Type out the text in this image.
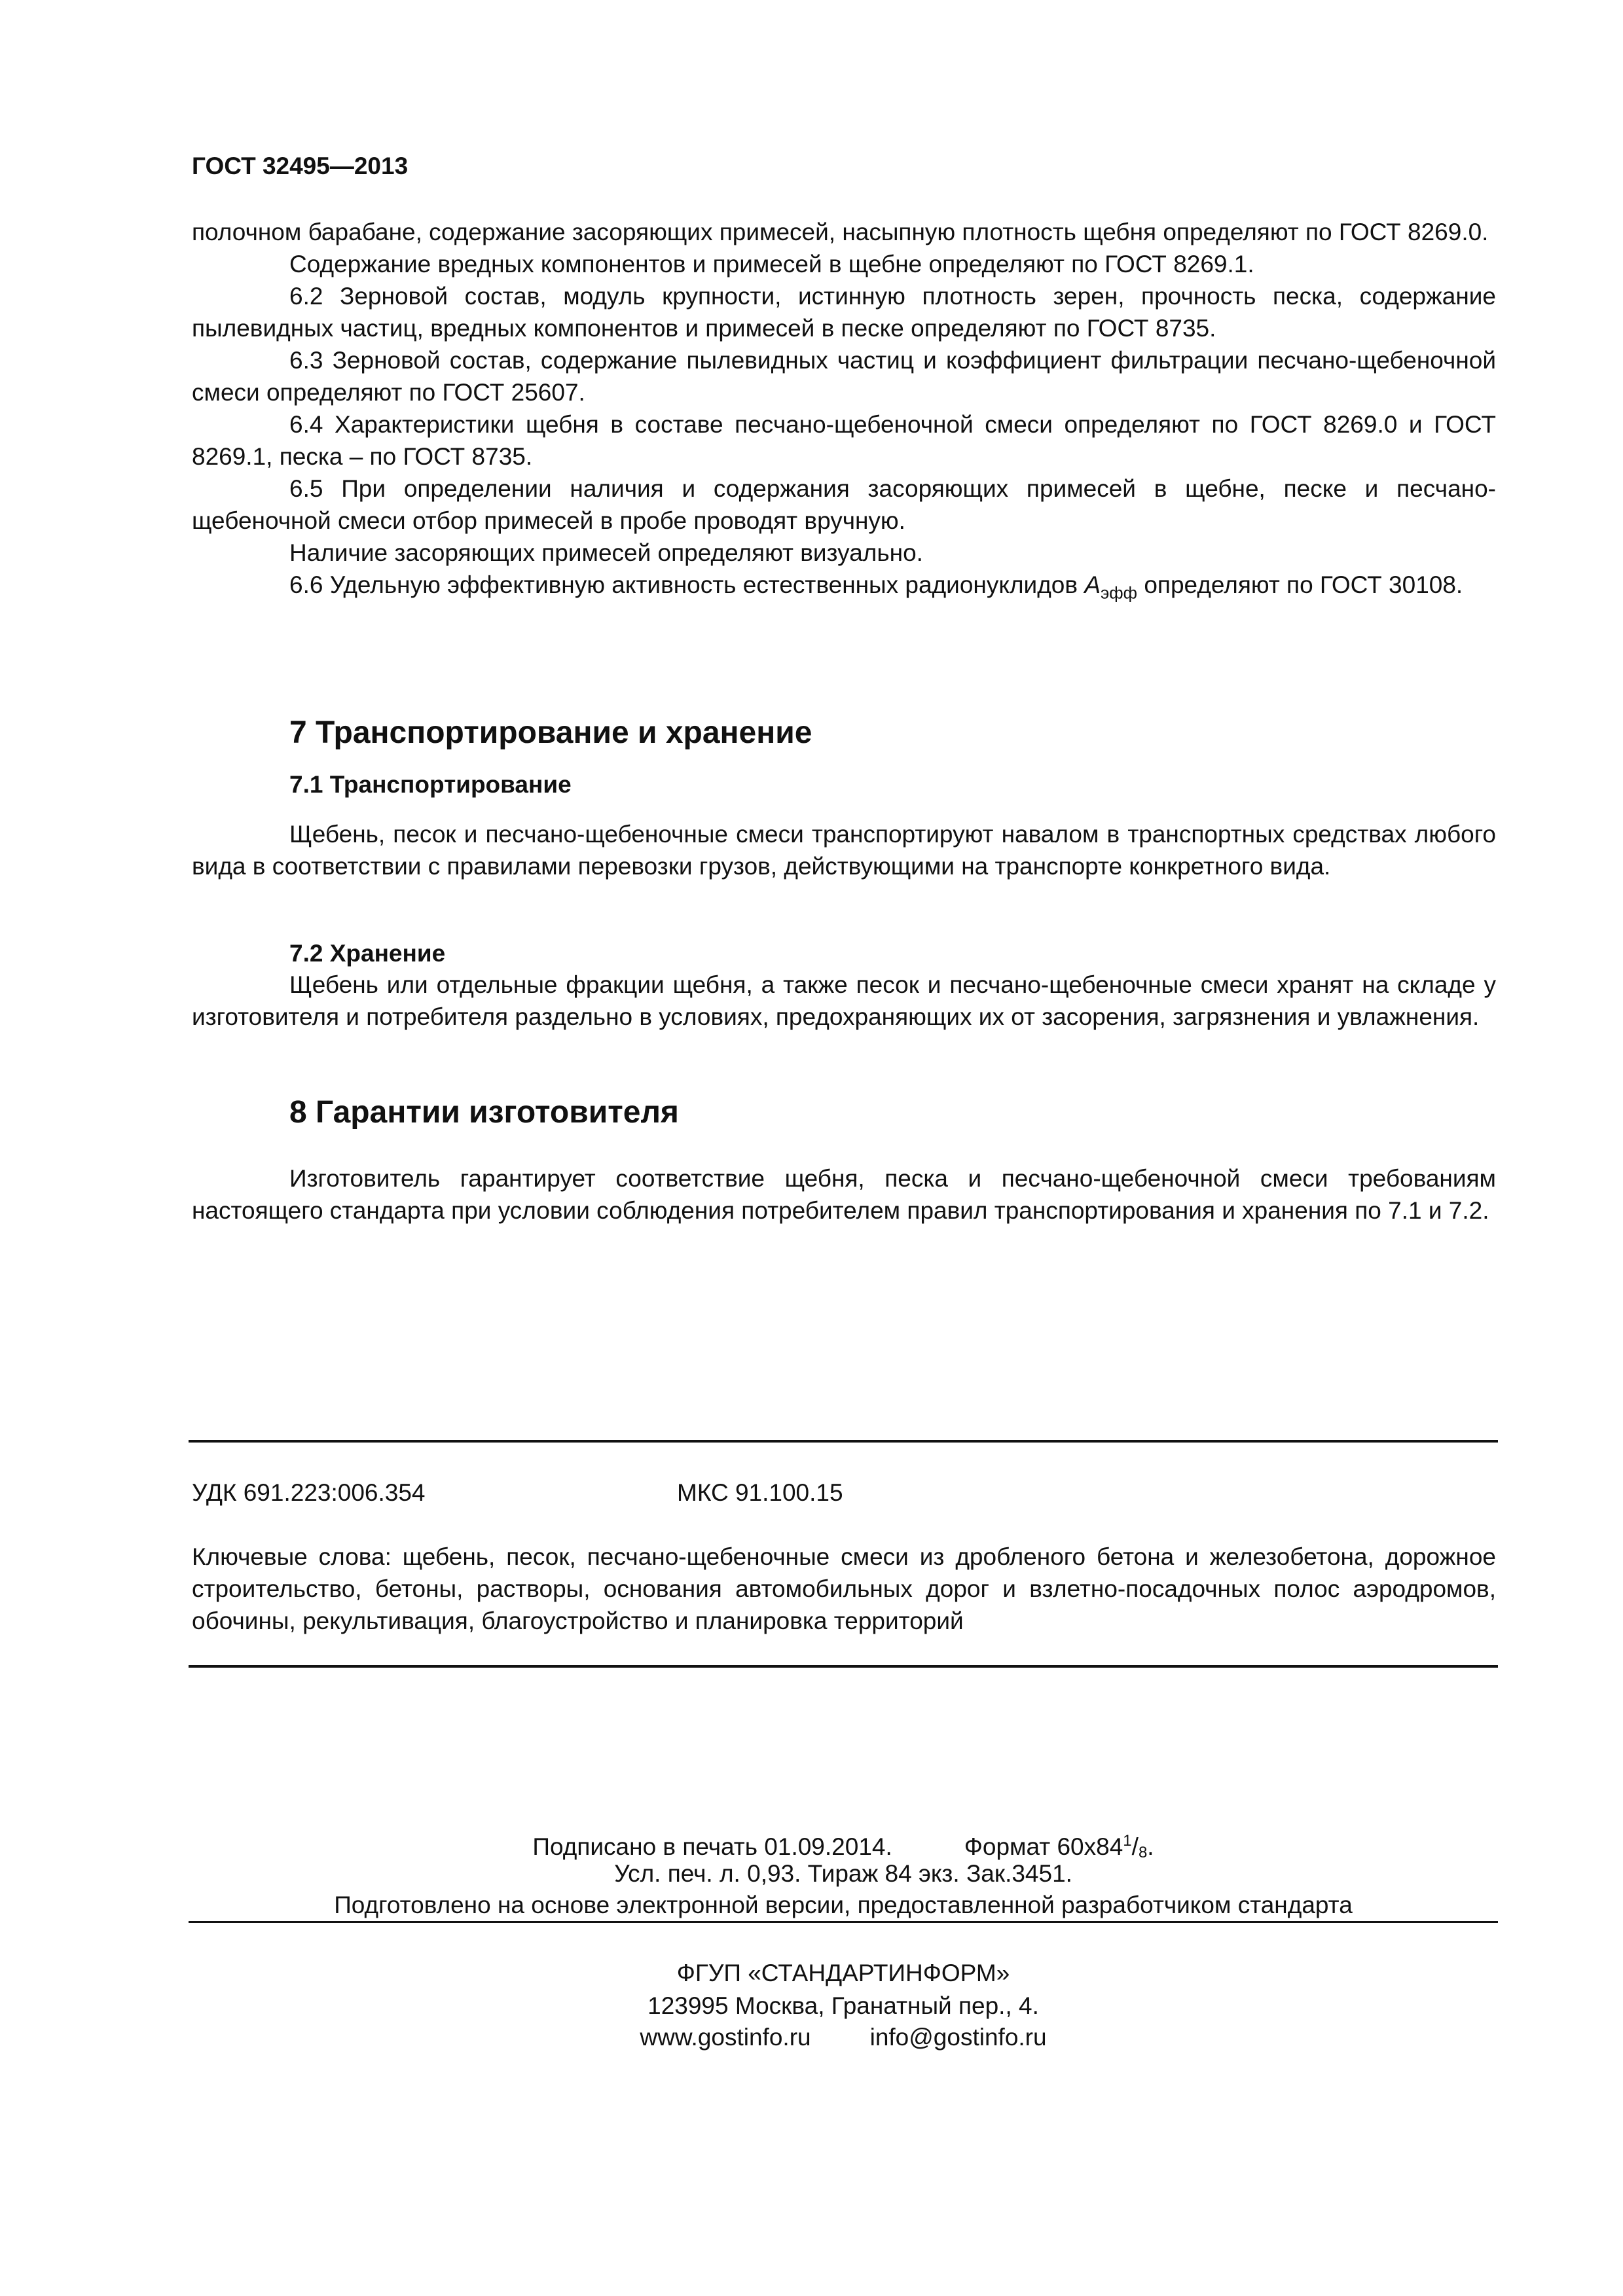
ГОСТ 32495—2013

полочном барабане, содержание засоряющих примесей, насыпную плотность щебня определяют по ГОСТ 8269.0.

Содержание вредных компонентов и примесей в щебне определяют по ГОСТ 8269.1.

6.2 Зерновой состав, модуль крупности, истинную плотность зерен, прочность песка, содержание пылевидных частиц, вредных компонентов и примесей в песке определяют по ГОСТ 8735.

6.3 Зерновой состав, содержание пылевидных частиц и коэффициент фильтрации песчано-щебеночной смеси определяют по ГОСТ 25607.

6.4 Характеристики щебня в составе песчано-щебеночной смеси определяют по ГОСТ 8269.0 и ГОСТ 8269.1, песка – по ГОСТ 8735.

6.5 При определении наличия и содержания засоряющих примесей в щебне, песке и песчано-щебеночной смеси отбор примесей в пробе проводят вручную.

Наличие засоряющих примесей определяют визуально.

6.6 Удельную эффективную активность естественных радионуклидов $A_{эфф}$ определяют по ГОСТ 30108.

7 Транспортирование и хранение
7.1 Транспортирование

Щебень, песок и песчано-щебеночные смеси транспортируют навалом в транспортных средствах любого вида в соответствии с правилами перевозки грузов, действующими на транспорте конкретного вида.

7.2 Хранение

Щебень или отдельные фракции щебня, а также песок и песчано-щебеночные смеси хранят на складе у изготовителя и потребителя раздельно в условиях, предохраняющих их от засорения, загрязнения и увлажнения.

8 Гарантии изготовителя

Изготовитель гарантирует соответствие щебня, песка и песчано-щебеночной смеси требованиям настоящего стандарта при условии соблюдения потребителем правил транспортирования и хранения по 7.1 и 7.2.

УДК 691.223:006.354	МКС 91.100.15

Ключевые слова: щебень, песок, песчано-щебеночные смеси из дробленого бетона и железобетона, дорожное строительство, бетоны, растворы, основания автомобильных дорог и взлетно-посадочных полос аэродромов, обочины, рекультивация, благоустройство и планировка территорий

Подписано в печать 01.09.2014.	Формат $60x84^1/_8$.

Усл. печ. л. 0,93. Тираж 84 экз. Зак.3451.

Подготовлено на основе электронной версии, предоставленной разработчиком стандарта

ФГУП «СТАНДАРТИНФОРМ»

123995 Москва, Гранатный пер., 4.

www.gostinfo.ru info@gostinfo.ru
